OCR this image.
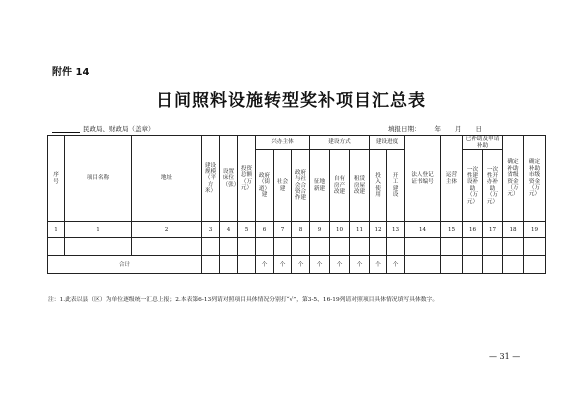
附件 14
日间照料设施转型奖补项目汇总表
民政局、财政局（盖章）	填报日期： 年 月 日
序号	项目名称	地址	建设规模（平方米）	设置床位（张）	投资总额（万元）	兴办主体			建设方式			建设进度		法人登记证书编号	运营主体	已补助及申请补助		确定补助省级资金（万元）	确定补助市级资金（万元）
						政府（街道）建	社会建	政府与社会合资合作建	征地新建	自有房产改建	租赁房屋改建	投入使用	开工建设			一次性建设补助（万元）	一次性开办补助（万元）		

1	1	2	3	4	5	6	7	8	9	10	11	12	13	14	15	16	17	18	19

合计						个	个	个	个	个	个	个	个						
注：1.此表以县（区）为单位逐级统一汇总上报；2.本表第6-13列请对照项目具体情况分别打“√”，第3-5、16-19列请对照项目具体情况填写具体数字。
— 31 —
